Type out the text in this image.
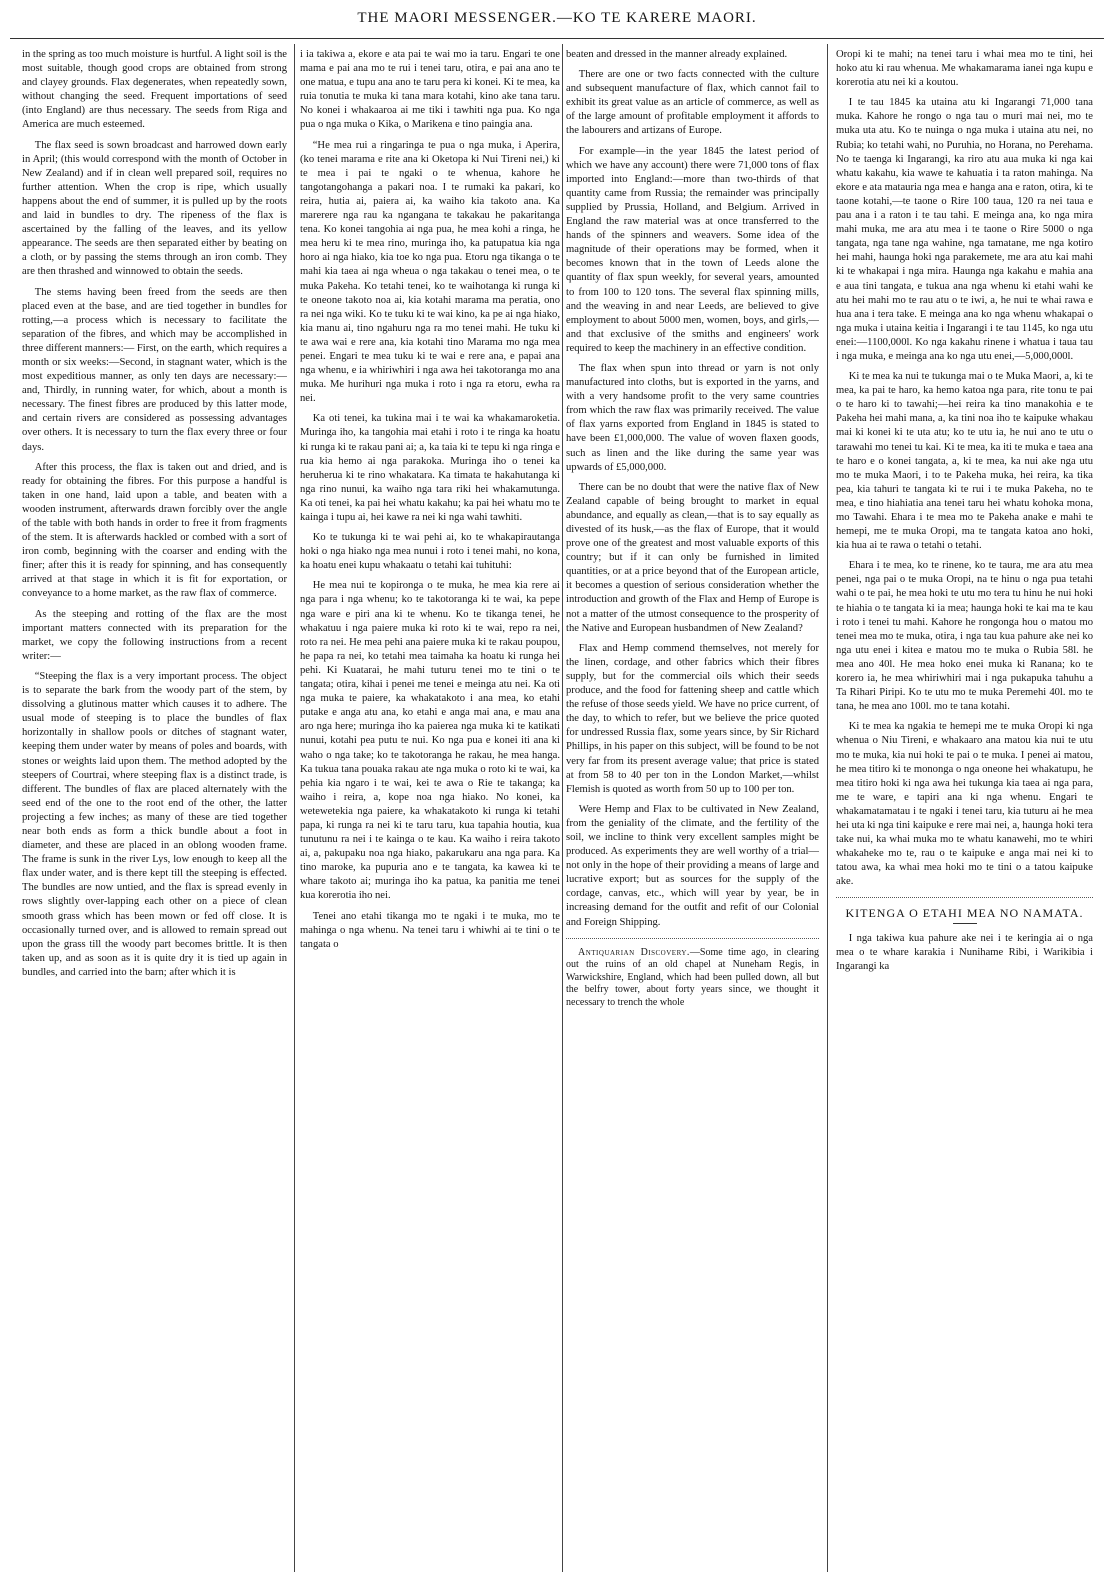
THE MAORI MESSENGER.—KO TE KARERE MAORI.

in the spring as too much moisture is hurtful. A light soil is the most suitable, though good crops are obtained from strong and clayey grounds. Flax degenerates, when repeatedly sown, without changing the seed. Frequent importations of seed (into England) are thus necessary. The seeds from Riga and America are much esteemed.

The flax seed is sown broadcast and harrowed down early in April; (this would correspond with the month of October in New Zealand) and if in clean well prepared soil, requires no further attention. When the crop is ripe, which usually happens about the end of summer, it is pulled up by the roots and laid in bundles to dry. The ripeness of the flax is ascertained by the falling of the leaves, and its yellow appearance. The seeds are then separated either by beating on a cloth, or by passing the stems through an iron comb. They are then thrashed and winnowed to obtain the seeds.

The stems having been freed from the seeds are then placed even at the base, and are tied together in bundles for rotting,—a process which is necessary to facilitate the separation of the fibres, and which may be accomplished in three different manners:— First, on the earth, which requires a month or six weeks:—Second, in stagnant water, which is the most expeditious manner, as only ten days are necessary:—and, Thirdly, in running water, for which, about a month is necessary. The finest fibres are produced by this latter mode, and certain rivers are considered as possessing advantages over others. It is necessary to turn the flax every three or four days.

After this process, the flax is taken out and dried, and is ready for obtaining the fibres. For this purpose a handful is taken in one hand, laid upon a table, and beaten with a wooden instrument, afterwards drawn forcibly over the angle of the table with both hands in order to free it from fragments of the stem. It is afterwards hackled or combed with a sort of iron comb, beginning with the coarser and ending with the finer; after this it is ready for spinning, and has consequently arrived at that stage in which it is fit for exportation, or conveyance to a home market, as the raw flax of commerce.

As the steeping and rotting of the flax are the most important matters connected with its preparation for the market, we copy the following instructions from a recent writer:—

“Steeping the flax is a very important process. The object is to separate the bark from the woody part of the stem, by dissolving a glutinous matter which causes it to adhere. The usual mode of steeping is to place the bundles of flax horizontally in shallow pools or ditches of stagnant water, keeping them under water by means of poles and boards, with stones or weights laid upon them. The method adopted by the steepers of Courtrai, where steeping flax is a distinct trade, is different. The bundles of flax are placed alternately with the seed end of the one to the root end of the other, the latter projecting a few inches; as many of these are tied together near both ends as form a thick bundle about a foot in diameter, and these are placed in an oblong wooden frame. The frame is sunk in the river Lys, low enough to keep all the flax under water, and is there kept till the steeping is effected. The bundles are now untied, and the flax is spread evenly in rows slightly over-lapping each other on a piece of clean smooth grass which has been mown or fed off close. It is occasionally turned over, and is allowed to remain spread out upon the grass till the woody part becomes brittle. It is then taken up, and as soon as it is quite dry it is tied up again in bundles, and carried into the barn; after which it is

i ia takiwa a, ekore e ata pai te wai mo ia taru. Engari te one mama e pai ana mo te rui i tenei taru, otira, e pai ana ano te one matua, e tupu ana ano te taru pera ki konei. Ki te mea, ka ruia tonutia te muka ki tana mara kotahi, kino ake tana taru. No konei i whakaaroa ai me tiki i tawhiti nga pua. Ko nga pua o nga muka o Kika, o Marikena e tino paingia ana.

“He mea rui a ringaringa te pua o nga muka, i Aperira, (ko tenei marama e rite ana ki Oketopa ki Nui Tireni nei,) ki te mea i pai te ngaki o te whenua, kahore he tangotangohanga a pakari noa. I te rumaki ka pakari, ko reira, hutia ai, paiera ai, ka waiho kia takoto ana. Ka marerere nga rau ka ngangana te takakau he pakaritanga tena. Ko konei tangohia ai nga pua, he mea kohi a ringa, he mea heru ki te mea rino, muringa iho, ka patupatua kia nga horo ai nga hiako, kia toe ko nga pua. Etoru nga tikanga o te mahi kia taea ai nga wheua o nga takakau o tenei mea, o te muka Pakeha. Ko tetahi tenei, ko te waihotanga ki runga ki te oneone takoto noa ai, kia kotahi marama ma peratia, ono ra nei nga wiki. Ko te tuku ki te wai kino, ka pe ai nga hiako, kia manu ai, tino ngahuru nga ra mo tenei mahi. He tuku ki te awa wai e rere ana, kia kotahi tino Marama mo nga mea penei. Engari te mea tuku ki te wai e rere ana, e papai ana nga whenu, e ia whiriwhiri i nga awa hei takotoranga mo ana muka. Me hurihuri nga muka i roto i nga ra etoru, ewha ra nei.

Ka oti tenei, ka tukina mai i te wai ka whakamaroketia. Muringa iho, ka tangohia mai etahi i roto i te ringa ka hoatu ki runga ki te rakau pani ai; a, ka taia ki te tepu ki nga ringa e rua kia hemo ai nga parakoka. Muringa iho o tenei ka heruheruа ki te rino whakatara. Ka timata te hakahutanga ki nga rino nunui, ka waiho nga tara riki hei whakamutunga. Ka oti tenei, ka pai hei whatu kakahu; ka pai hei whatu mo te kainga i tupu ai, hei kawe ra nei ki nga wahi tawhiti.

Ko te tukunga ki te wai pehi ai, ko te whakapirautanga hoki o nga hiako nga mea nunui i roto i tenei mahi, no kona, ka hoatu enei kupu whakaatu o tetahi kai tuhituhi:

He mea nui te kopironga o te muka, he mea kia rere ai nga para i nga whenu; ko te takotoranga ki te wai, ka pepe nga ware e piri ana ki te whenu. Ko te tikanga tenei, he whakatuu i nga paiere muka ki roto ki te wai, repo ra nei, roto ra nei. He mea pehi ana paiere muka ki te rakau poupou, he papa ra nei, ko tetahi mea taimaha ka hoatu ki runga hei pehi. Ki Kuatarai, he mahi tuturu tenei mo te tini o te tangata; otira, kihai i penei me tenei e meinga atu nei. Ka oti nga muka te paiere, ka whakatakoto i ana mea, ko etahi putake e anga atu ana, ko etahi e anga mai ana, e mau ana aro nga here; muringa iho ka paierea nga muka ki te katikati nunui, kotahi pea putu te nui. Ko nga pua e konei iti ana ki waho o nga take; ko te takotoranga he rakau, he mea hanga. Ka tukua tana pouaka rakau ate nga muka o roto ki te wai, ka pehia kia ngaro i te wai, kei te awa o Rie te takanga; ka waiho i reira, a, kope noa nga hiako. No konei, ka wetewetekia nga paiere, ka whakatakoto ki runga ki tetahi papa, ki runga ra nei ki te taru taru, kua tapahia houtia, kua tunutunu ra nei i te kainga o te kau. Ka waiho i reira takoto ai, a, pakupaku noa nga hiako, pakarukaru ana nga para. Ka tino maroke, ka pupuria ano e te tangata, ka kawea ki te whare takoto ai; muringa iho ka patua, ka panitia me tenei kua korerotia iho nei.

Tenei ano etahi tikanga mo te ngaki i te muka, mo te mahinga o nga whenu. Na tenei taru i whiwhi ai te tini o te tangata o

beaten and dressed in the manner already explained.

There are one or two facts connected with the culture and subsequent manufacture of flax, which cannot fail to exhibit its great value as an article of commerce, as well as of the large amount of profitable employment it affords to the labourers and artizans of Europe.

For example—in the year 1845 the latest period of which we have any account) there were 71,000 tons of flax imported into England:—more than two-thirds of that quantity came from Russia; the remainder was principally supplied by Prussia, Holland, and Belgium. Arrived in England the raw material was at once transferred to the hands of the spinners and weavers. Some idea of the magnitude of their operations may be formed, when it becomes known that in the town of Leeds alone the quantity of flax spun weekly, for several years, amounted to from 100 to 120 tons. The several flax spinning mills, and the weaving in and near Leeds, are believed to give employment to about 5000 men, women, boys, and girls,—and that exclusive of the smiths and engineers' work required to keep the machinery in an effective condition.

The flax when spun into thread or yarn is not only manufactured into cloths, but is exported in the yarns, and with a very handsome profit to the very same countries from which the raw flax was primarily received. The value of flax yarns exported from England in 1845 is stated to have been £1,000,000. The value of woven flaxen goods, such as linen and the like during the same year was upwards of £5,000,000.

There can be no doubt that were the native flax of New Zealand capable of being brought to market in equal abundance, and equally as clean,—that is to say equally as divested of its husk,—as the flax of Europe, that it would prove one of the greatest and most valuable exports of this country; but if it can only be furnished in limited quantities, or at a price beyond that of the European article, it becomes a question of serious consideration whether the introduction and growth of the Flax and Hemp of Europe is not a matter of the utmost consequence to the prosperity of the Native and European husbandmen of New Zealand?

Flax and Hemp commend themselves, not merely for the linen, cordage, and other fabrics which their fibres supply, but for the commercial oils which their seeds produce, and the food for fattening sheep and cattle which the refuse of those seeds yield. We have no price current, of the day, to which to refer, but we believe the price quoted for undressed Russia flax, some years since, by Sir Richard Phillips, in his paper on this subject, will be found to be not very far from its present average value; that price is stated at from 58 to 40 per ton in the London Market,—whilst Flemish is quoted as worth from 50 up to 100 per ton.

Were Hemp and Flax to be cultivated in New Zealand, from the geniality of the climate, and the fertility of the soil, we incline to think very excellent samples might be produced. As experiments they are well worthy of a trial—not only in the hope of their providing a means of large and lucrative export; but as sources for the supply of the cordage, canvas, etc., which will year by year, be in increasing demand for the outfit and refit of our Colonial and Foreign Shipping.

Antiquarian Discovery.—Some time ago, in clearing out the ruins of an old chapel at Nuneham Regis, in Warwickshire, England, which had been pulled down, all but the belfry tower, about forty years since, we thought it necessary to trench the whole

Oropi ki te mahi; na tenei taru i whai mea mo te tini, hei hoko atu ki rau whenua. Me whakamarama ianei nga kupu e korerotia atu nei ki a koutou.

I te tau 1845 ka utaina atu ki Ingarangi 71,000 tana muka. Kahore he rongo o nga tau o muri mai nei, mo te muka uta atu. Ko te nuinga o nga muka i utaina atu nei, no Rubia; ko tetahi wahi, no Puruhia, no Horana, no Perehama. No te taenga ki Ingarangi, ka riro atu aua muka ki nga kai whatu kakahu, kia wawe te kahuatia i ta raton mahinga. Na ekore e ata matauria nga mea e hanga ana e raton, otira, ki te taone kotahi,—te taone o Rire 100 taua, 120 ra nei taua e pau ana i a raton i te tau tahi. E meinga ana, ko nga mira mahi muka, me ara atu mea i te taone o Rire 5000 o nga tangata, nga tane nga wahine, nga tamatane, me nga kotiro hei mahi, haunga hoki nga parakemete, me ara atu kai mahi ki te whakapai i nga mira. Haunga nga kakahu e mahia ana e aua tini tangata, e tukua ana nga whenu ki etahi wahi ke atu hei mahi mo te rau atu o te iwi, a, he nui te whai rawa e hua ana i tera take. E meinga ana ko nga whenu whakapai o nga muka i utaina keitia i Ingarangi i te tau 1145, ko nga utu enei:—1100,000l. Ko nga kakahu rinene i whatua i taua tau i nga muka, e meinga ana ko nga utu enei,—5,000,000l.

Ki te mea ka nui te tukunga mai o te Muka Maori, a, ki te mea, ka pai te haro, ka hemo katoa nga para, rite tonu te pai o te haro ki to tawahi;—hei reira ka tino manakohia e te Pakeha hei mahi mana, a, ka tini noa iho te kaipuke whakau mai ki konei ki te uta atu; ko te utu ia, he nui ano te utu o tarawahi mo tenei tu kai. Ki te mea, ka iti te muka e taea ana te haro e o konei tangata, a, ki te mea, ka nui ake nga utu mo te muka Maori, i to te Pakeha muka, hei reira, ka tika pea, kia tahuri te tangata ki te rui i te muka Pakeha, no te mea, e tino hiahiatia ana tenei taru hei whatu kohoka mona, mo Tawahi. Ehara i te mea mo te Pakeha anake e mahi te hemepi, me te muka Oropi, ma te tangata katoa ano hoki, kia hua ai te rawa o tetahi o tetahi.

Ehara i te mea, ko te rinene, ko te taura, me ara atu mea penei, nga pai o te muka Oropi, na te hinu o nga pua tetahi wahi o te pai, he mea hoki te utu mo tera tu hinu he nui hoki te hiahia o te tangata ki ia mea; haunga hoki te kai ma te kau i roto i tenei tu mahi. Kahore he rongonga hou o matou mo tenei mea mo te muka, otira, i nga tau kua pahure ake nei ko nga utu enei i kitea e matou mo te muka o Rubia 58l. he mea ano 40l. He mea hoko enei muka ki Ranana; ko te korero ia, he mea whiriwhiri mai i nga pukapuka tahuhu a Ta Rihari Piripi. Ko te utu mo te muka Peremehi 40l. mo te tana, he mea ano 100l. mo te tana kotahi.

Ki te mea ka ngakia te hemepi me te muka Oropi ki nga whenua o Niu Tireni, e whakaaro ana matou kia nui te utu mo te muka, kia nui hoki te pai o te muka. I penei ai matou, he mea titiro ki te mononga o nga oneone hei whakatupu, he mea titiro hoki ki nga awa hei tukunga kia taea ai nga para, me te ware, e tapiri ana ki nga whenu. Engari te whakamatamatau i te ngaki i tenei taru, kia tuturu ai he mea hei uta ki nga tini kaipuke e rere mai nei, a, haunga hoki tera take nui, ka whai muka mo te whatu kanawehi, mo te whiri whakaheke mo te, rau o te kaipuke e anga mai nei ki to tatou awa, ka whai mea hoki mo te tini o a tatou kaipuke ake.

KITENGA O ETAHI MEA NO NAMATA.

I nga takiwa kua pahure ake nei i te keringia ai o nga mea o te whare karakia i Nunihame Ribi, i Warikibia i Ingarangi ka
